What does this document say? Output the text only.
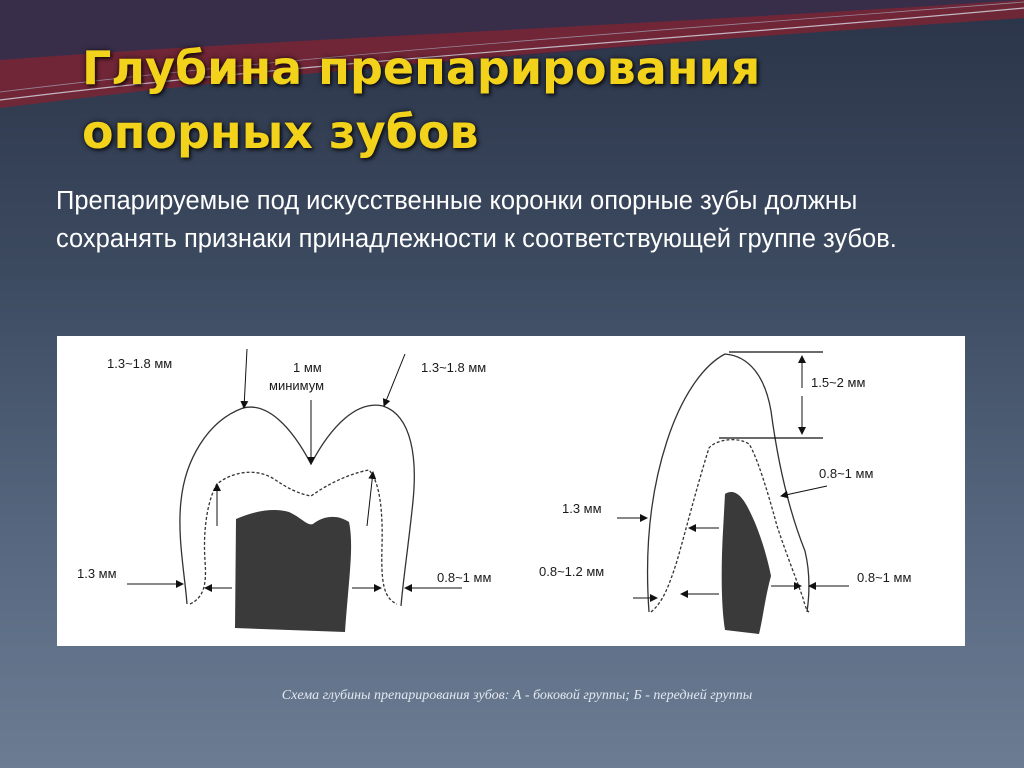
Глубина препарирования
опорных зубов

Препарируемые под искусственные коронки опорные зубы должны сохранять признаки принадлежности к соответствующей группе зубов.

1.3~1.8 мм	1 мм
минимум
1.3~1.8 мм
1.3 мм	0.8~1 мм
1.5~2 мм
0.8~1 мм
1.3 мм
0.8~1.2 мм	0.8~1 мм
Схема глубины препарирования зубов: А - боковой группы; Б - передней группы
